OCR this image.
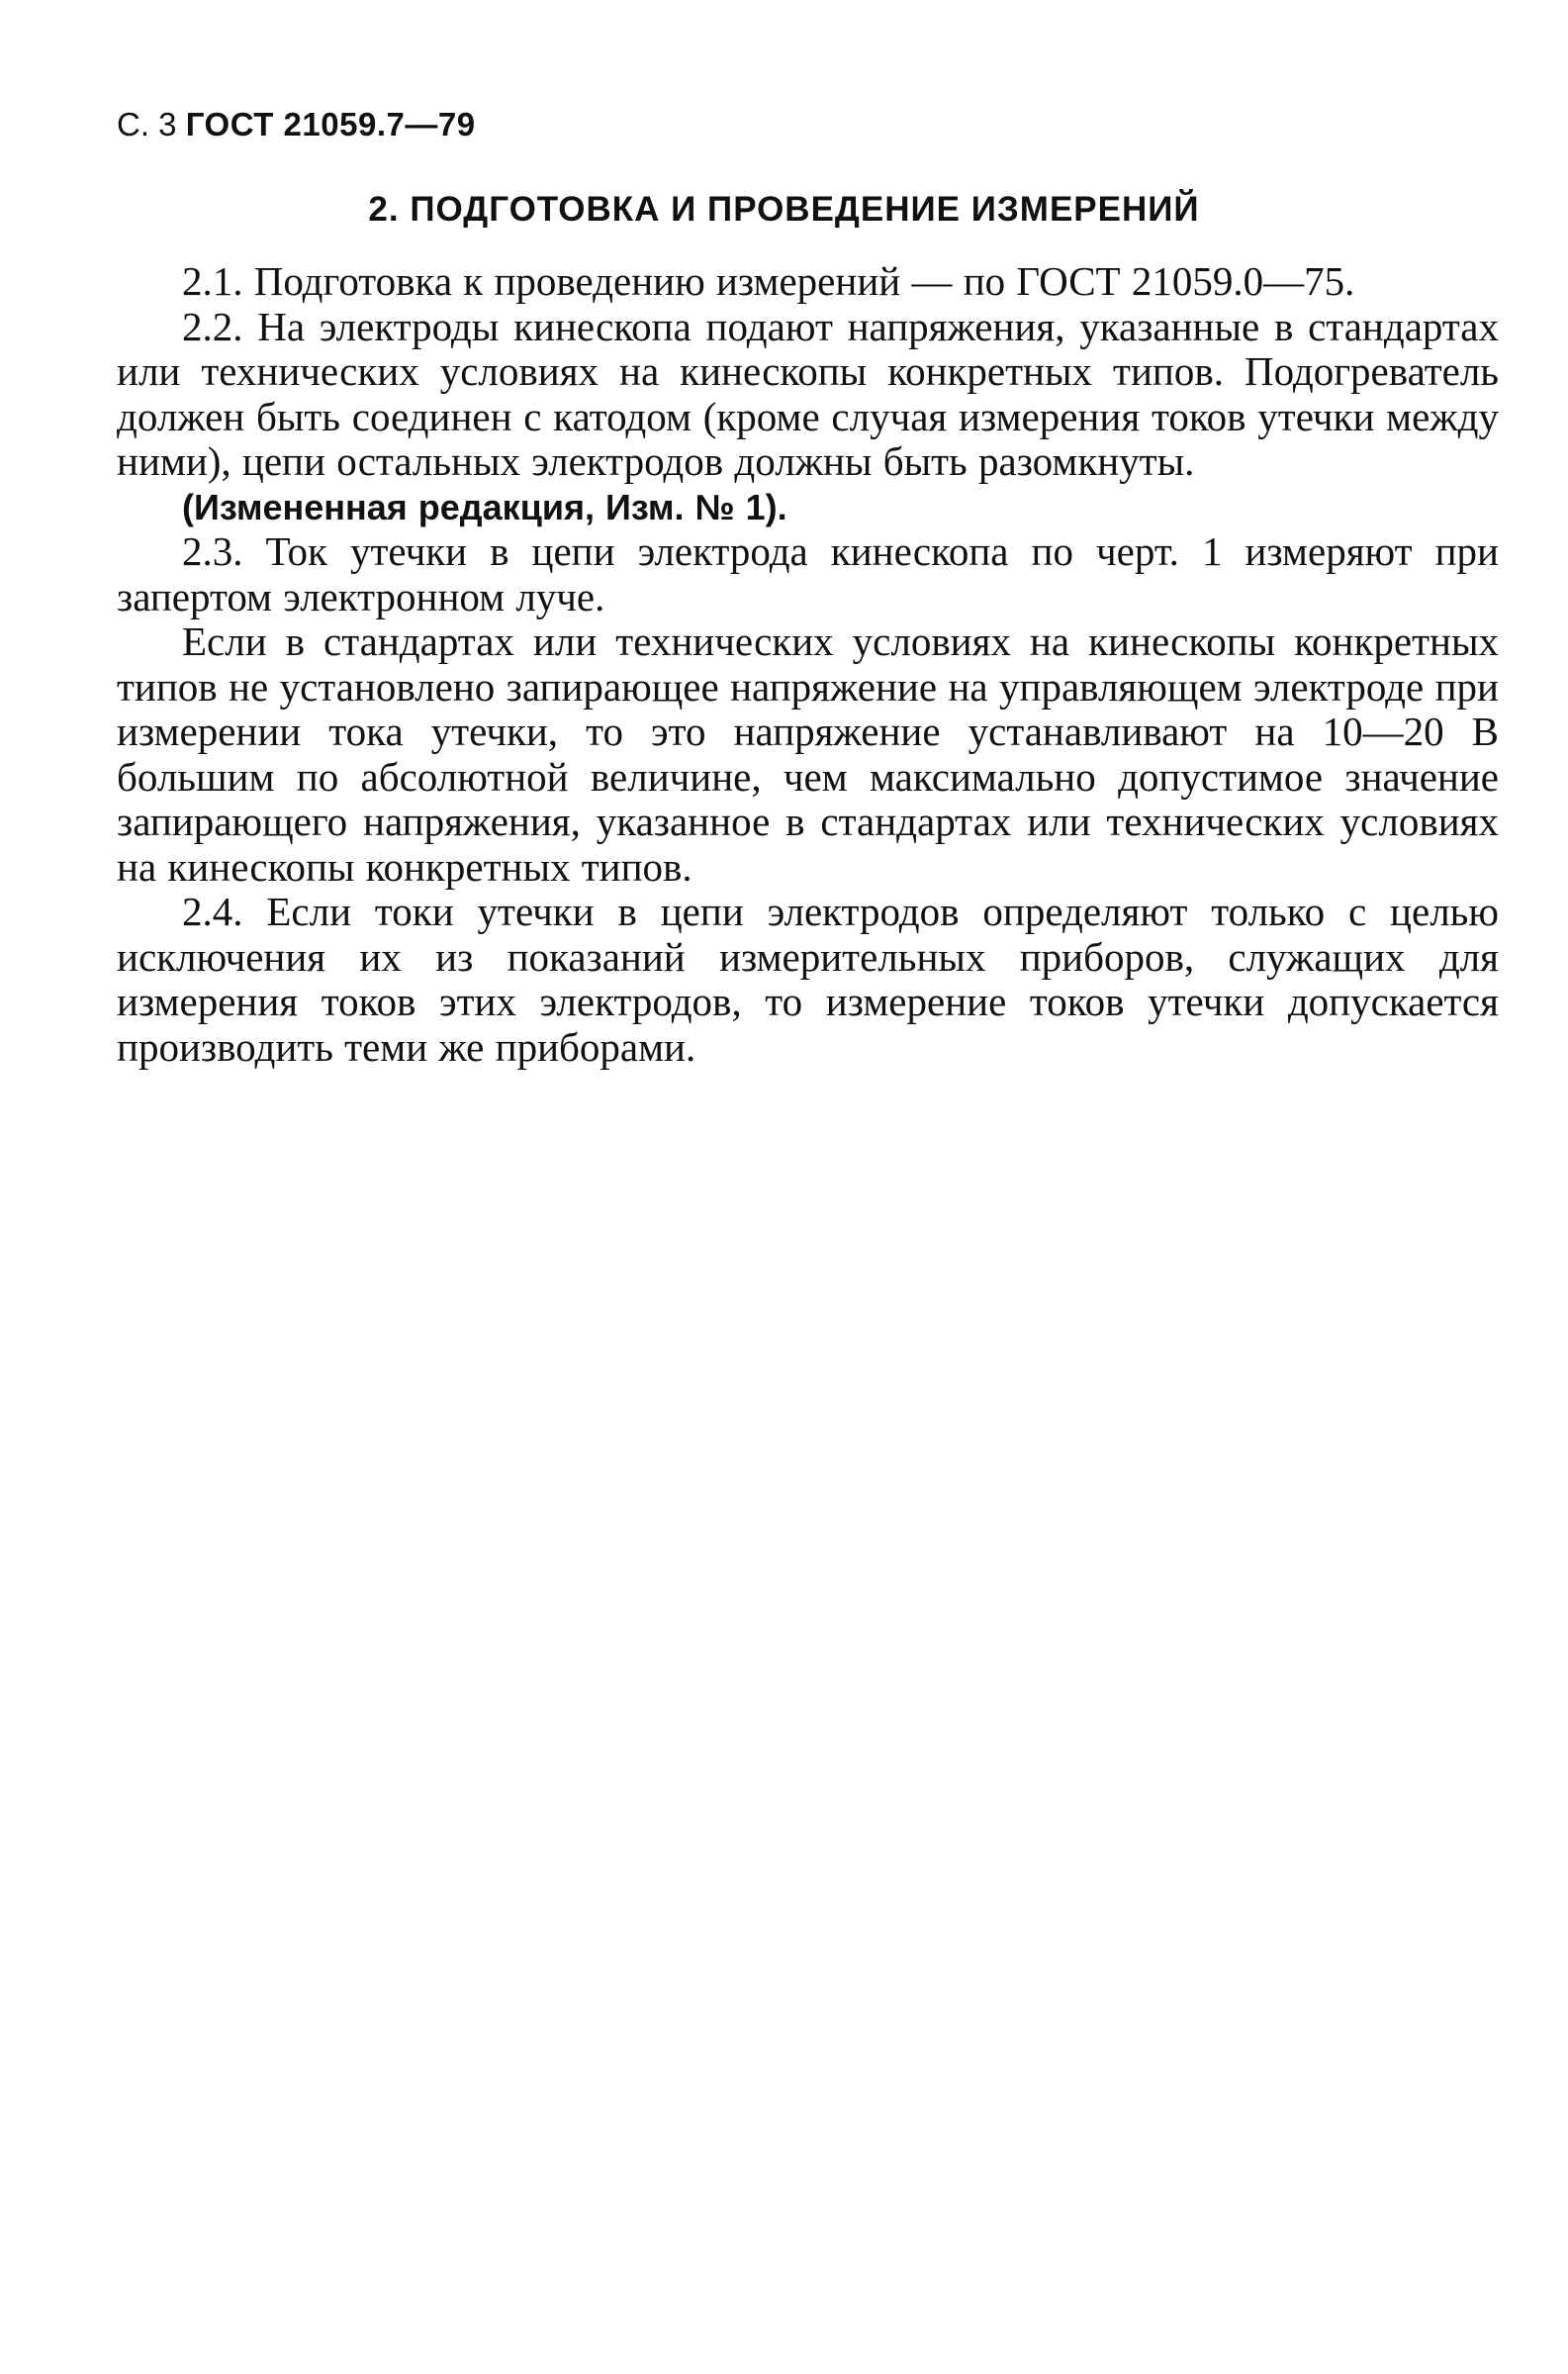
С. 3 ГОСТ 21059.7—79
2. ПОДГОТОВКА И ПРОВЕДЕНИЕ ИЗМЕРЕНИЙ

2.1. Подготовка к проведению измерений — по ГОСТ 21059.0—75.

2.2. На электроды кинескопа подают напряжения, указанные в стандартах или технических условиях на кинескопы конкретных типов. Подогреватель должен быть соединен с катодом (кроме случая измерения токов утечки между ними), цепи остальных электродов должны быть разомкнуты.

(Измененная редакция, Изм. № 1).

2.3. Ток утечки в цепи электрода кинескопа по черт. 1 измеряют при запертом электронном луче.

Если в стандартах или технических условиях на кинескопы конкретных типов не установлено запирающее напряжение на управляющем электроде при измерении тока утечки, то это напряжение устанавливают на 10—20 В большим по абсолютной величине, чем максимально допустимое значение запирающего напряжения, указанное в стандартах или технических условиях на кинескопы конкретных типов.

2.4. Если токи утечки в цепи электродов определяют только с целью исключения их из показаний измерительных приборов, служащих для измерения токов этих электродов, то измерение токов утечки допускается производить теми же приборами.
